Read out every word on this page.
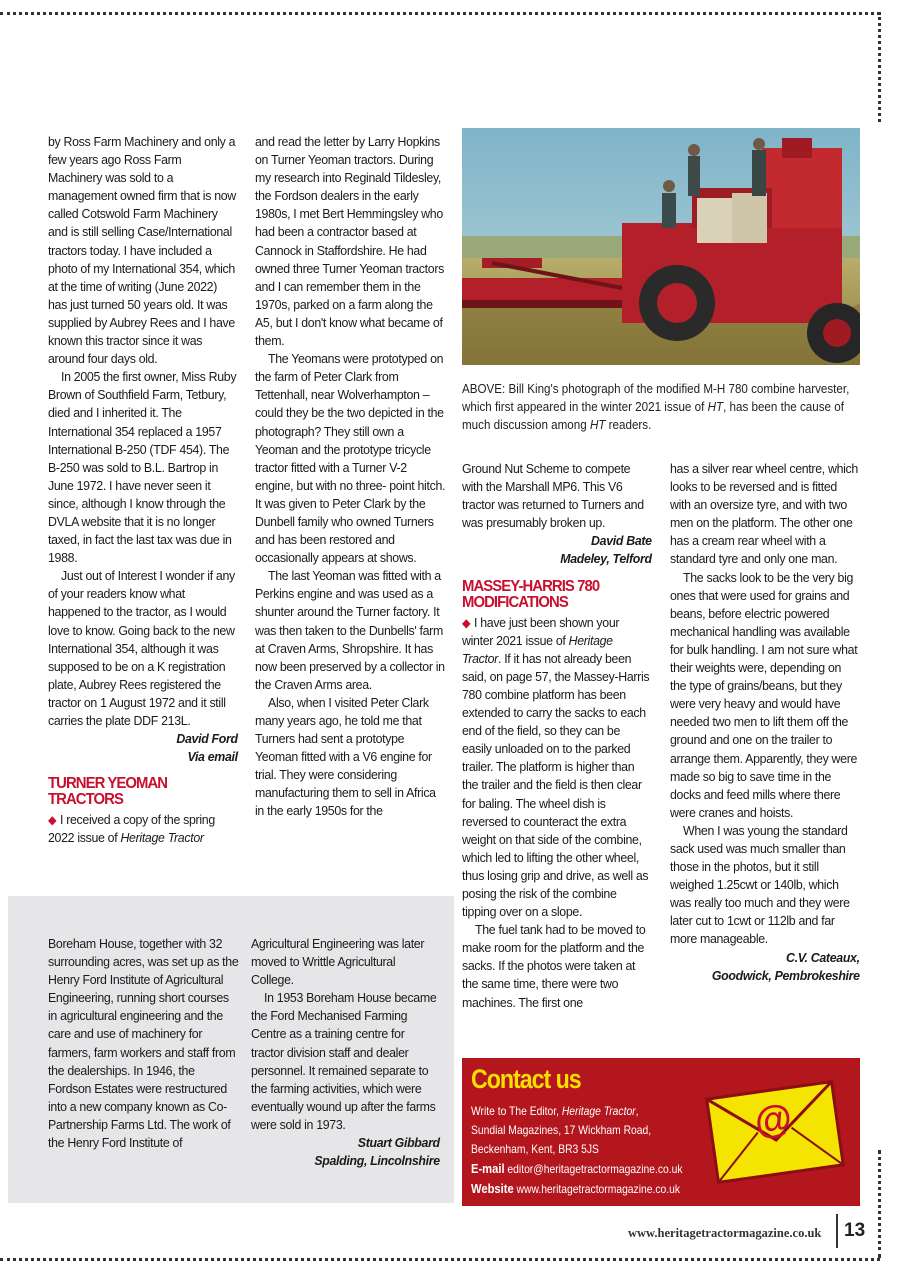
by Ross Farm Machinery and only a few years ago Ross Farm Machinery was sold to a management owned firm that is now called Cotswold Farm Machinery and is still selling Case/International tractors today. I have included a photo of my International 354, which at the time of writing (June 2022) has just turned 50 years old. It was supplied by Aubrey Rees and I have known this tractor since it was around four days old.

In 2005 the first owner, Miss Ruby Brown of Southfield Farm, Tetbury, died and I inherited it. The International 354 replaced a 1957 International B-250 (TDF 454). The B-250 was sold to B.L. Bartrop in June 1972. I have never seen it since, although I know through the DVLA website that it is no longer taxed, in fact the last tax was due in 1988.

Just out of Interest I wonder if any of your readers know what happened to the tractor, as I would love to know. Going back to the new International 354, although it was supposed to be on a K registration plate, Aubrey Rees registered the tractor on 1 August 1972 and it still carries the plate DDF 213L.

David Ford
Via email
TURNER YEOMAN TRACTORS

◆ I received a copy of the spring 2022 issue of Heritage Tractor

and read the letter by Larry Hopkins on Turner Yeoman tractors. During my research into Reginald Tildesley, the Fordson dealers in the early 1980s, I met Bert Hemmingsley who had been a contractor based at Cannock in Staffordshire. He had owned three Turner Yeoman tractors and I can remember them in the 1970s, parked on a farm along the A5, but I don't know what became of them.

The Yeomans were prototyped on the farm of Peter Clark from Tettenhall, near Wolverhampton – could they be the two depicted in the photograph? They still own a Yeoman and the prototype tricycle tractor fitted with a Turner V-2 engine, but with no three- point hitch. It was given to Peter Clark by the Dunbell family who owned Turners and has been restored and occasionally appears at shows.

The last Yeoman was fitted with a Perkins engine and was used as a shunter around the Turner factory. It was then taken to the Dunbells' farm at Craven Arms, Shropshire. It has now been preserved by a collector in the Craven Arms area.

Also, when I visited Peter Clark many years ago, he told me that Turners had sent a prototype Yeoman fitted with a V6 engine for trial. They were considering manufacturing them to sell in Africa in the early 1950s for the

Boreham House, together with 32 surrounding acres, was set up as the Henry Ford Institute of Agricultural Engineering, running short courses in agricultural engineering and the care and use of machinery for farmers, farm workers and staff from the dealerships. In 1946, the Fordson Estates were restructured into a new company known as Co-Partnership Farms Ltd. The work of the Henry Ford Institute of

Agricultural Engineering was later moved to Writtle Agricultural College.

In 1953 Boreham House became the Ford Mechanised Farming Centre as a training centre for tractor division staff and dealer personnel. It remained separate to the farming activities, which were eventually wound up after the farms were sold in 1973.

Stuart Gibbard
Spalding, Lincolnshire
ABOVE: Bill King's photograph of the modified M-H 780 combine harvester, which first appeared in the winter 2021 issue of HT, has been the cause of much discussion among HT readers.

Ground Nut Scheme to compete with the Marshall MP6. This V6 tractor was returned to Turners and was presumably broken up.

David Bate
Madeley, Telford
MASSEY-HARRIS 780 MODIFICATIONS

◆ I have just been shown your winter 2021 issue of Heritage Tractor. If it has not already been said, on page 57, the Massey-Harris 780 combine platform has been extended to carry the sacks to each end of the field, so they can be easily unloaded on to the parked trailer. The platform is higher than the trailer and the field is then clear for baling. The wheel dish is reversed to counteract the extra weight on that side of the combine, which led to lifting the other wheel, thus losing grip and drive, as well as posing the risk of the combine tipping over on a slope.

The fuel tank had to be moved to make room for the platform and the sacks. If the photos were taken at the same time, there were two machines. The first one

has a silver rear wheel centre, which looks to be reversed and is fitted with an oversize tyre, and with two men on the platform. The other one has a cream rear wheel with a standard tyre and only one man.

The sacks look to be the very big ones that were used for grains and beans, before electric powered mechanical handling was available for bulk handling. I am not sure what their weights were, depending on the type of grains/beans, but they were very heavy and would have needed two men to lift them off the ground and one on the trailer to arrange them. Apparently, they were made so big to save time in the docks and feed mills where there were cranes and hoists.

When I was young the standard sack used was much smaller than those in the photos, but it still weighed 1.25cwt or 140lb, which was really too much and they were later cut to 1cwt or 112lb and far more manageable.

C.V. Cateaux,
Goodwick, Pembrokeshire
Contact us
Write to The Editor, Heritage Tractor,
Sundial Magazines, 17 Wickham Road,
Beckenham, Kent, BR3 5JS
E-mail editor@heritagetractormagazine.co.uk
Website www.heritagetractormagazine.co.uk
@
www.heritagetractormagazine.co.uk 13
